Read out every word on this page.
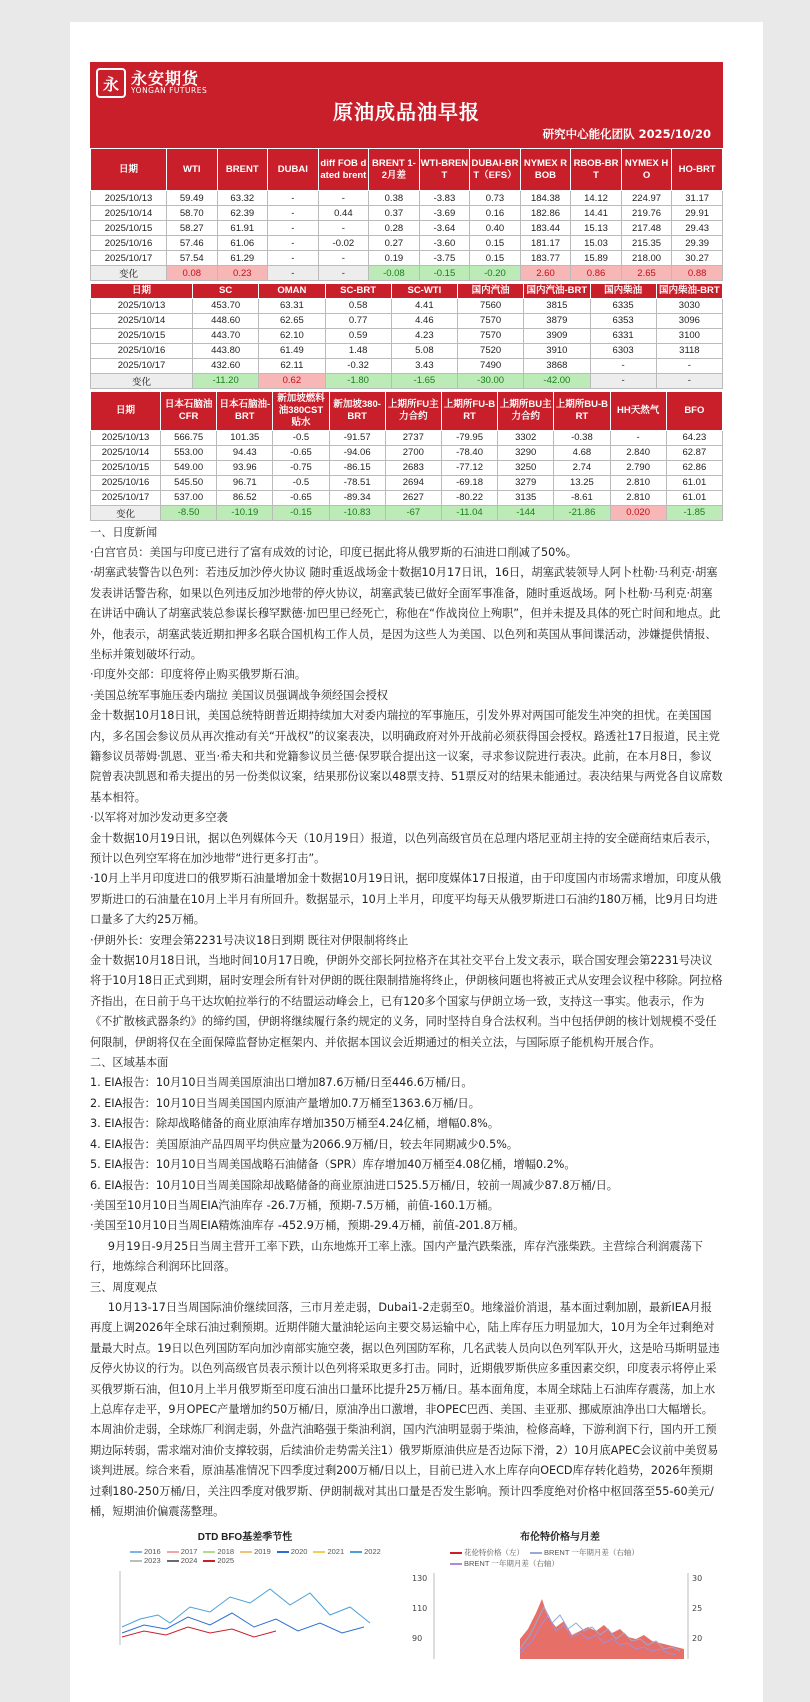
永 永安期货
YONGAN FUTURES
原油成品油早报
研究中心能化团队 2025/10/20
日期	WTI	BRENT	DUBAI	diff FOB dated brent	BRENT 1-2月差	WTI-BRENT	DUBAI-BRT（EFS）	NYMEX RBOB	RBOB-BRT	NYMEX HO	HO-BRT
2025/10/13	59.49	63.32	-	-	0.38	-3.83	0.73	184.38	14.12	224.97	31.17
2025/10/14	58.70	62.39	-	0.44	0.37	-3.69	0.16	182.86	14.41	219.76	29.91
2025/10/15	58.27	61.91	-	-	0.28	-3.64	0.40	183.44	15.13	217.48	29.43
2025/10/16	57.46	61.06	-	-0.02	0.27	-3.60	0.15	181.17	15.03	215.35	29.39
2025/10/17	57.54	61.29	-	-	0.19	-3.75	0.15	183.77	15.89	218.00	30.27
变化	0.08	0.23	-	-	-0.08	-0.15	-0.20	2.60	0.86	2.65	0.88
日期	SC	OMAN	SC-BRT	SC-WTI	国内汽油	国内汽油-BRT	国内柴油	国内柴油-BRT
2025/10/13	453.70	63.31	0.58	4.41	7560	3815	6335	3030
2025/10/14	448.60	62.65	0.77	4.46	7570	3879	6353	3096
2025/10/15	443.70	62.10	0.59	4.23	7570	3909	6331	3100
2025/10/16	443.80	61.49	1.48	5.08	7520	3910	6303	3118
2025/10/17	432.60	62.11	-0.32	3.43	7490	3868	-	-
变化	-11.20	0.62	-1.80	-1.65	-30.00	-42.00	-	-
日期	日本石脑油CFR	日本石脑油-BRT	新加坡燃料油380CST贴水	新加坡380-BRT	上期所FU主力合约	上期所FU-BRT	上期所BU主力合约	上期所BU-BRT	HH天然气	BFO
2025/10/13	566.75	101.35	-0.5	-91.57	2737	-79.95	3302	-0.38	-	64.23
2025/10/14	553.00	94.43	-0.65	-94.06	2700	-78.40	3290	4.68	2.840	62.87
2025/10/15	549.00	93.96	-0.75	-86.15	2683	-77.12	3250	2.74	2.790	62.86
2025/10/16	545.50	96.71	-0.5	-78.51	2694	-69.18	3279	13.25	2.810	61.01
2025/10/17	537.00	86.52	-0.65	-89.34	2627	-80.22	3135	-8.61	2.810	61.01
变化	-8.50	-10.19	-0.15	-10.83	-67	-11.04	-144	-21.86	0.020	-1.85

一、日度新闻

·白宫官员：美国与印度已进行了富有成效的讨论，印度已据此将从俄罗斯的石油进口削减了50%。

·胡塞武装警告以色列：若违反加沙停火协议 随时重返战场金十数据10月17日讯，16日，胡塞武装领导人阿卜杜勒·马利克·胡塞发表讲话警告称，如果以色列违反加沙地带的停火协议，胡塞武装已做好全面军事准备，随时重返战场。阿卜杜勒·马利克·胡塞在讲话中确认了胡塞武装总参谋长穆罕默德·加巴里已经死亡，称他在“作战岗位上殉职”，但并未提及具体的死亡时间和地点。此外，他表示，胡塞武装近期扣押多名联合国机构工作人员，是因为这些人为美国、以色列和英国从事间谍活动，涉嫌提供情报、坐标并策划破坏行动。

·印度外交部：印度将停止购买俄罗斯石油。

·美国总统军事施压委内瑞拉 美国议员强调战争须经国会授权

金十数据10月18日讯，美国总统特朗普近期持续加大对委内瑞拉的军事施压，引发外界对两国可能发生冲突的担忧。在美国国内，多名国会参议员从再次推动有关“开战权”的议案表决，以明确政府对外开战前必须获得国会授权。路透社17日报道，民主党籍参议员蒂姆·凯恩、亚当·希夫和共和党籍参议员兰德·保罗联合提出这一议案，寻求参议院进行表决。此前，在本月8日，参议院曾表决凯恩和希夫提出的另一份类似议案，结果那份议案以48票支持、51票反对的结果未能通过。表决结果与两党各自议席数基本相符。

·以军将对加沙发动更多空袭

金十数据10月19日讯，据以色列媒体今天（10月19日）报道，以色列高级官员在总理内塔尼亚胡主持的安全磋商结束后表示，预计以色列空军将在加沙地带“进行更多打击”。

·10月上半月印度进口的俄罗斯石油量增加金十数据10月19日讯，据印度媒体17日报道，由于印度国内市场需求增加，印度从俄罗斯进口的石油量在10月上半月有所回升。数据显示，10月上半月，印度平均每天从俄罗斯进口石油约180万桶，比9月日均进口量多了大约25万桶。

·伊朗外长：安理会第2231号决议18日到期 既往对伊限制将终止

金十数据10月18日讯，当地时间10月17日晚，伊朗外交部长阿拉格齐在其社交平台上发文表示，联合国安理会第2231号决议将于10月18日正式到期，届时安理会所有针对伊朗的既往限制措施将终止，伊朗核问题也将被正式从安理会议程中移除。阿拉格齐指出，在日前于乌干达坎帕拉举行的不结盟运动峰会上，已有120多个国家与伊朗立场一致，支持这一事实。他表示，作为《不扩散核武器条约》的缔约国，伊朗将继续履行条约规定的义务，同时坚持自身合法权利。当中包括伊朗的核计划规模不受任何限制，伊朗将仅在全面保障监督协定框架内、并依据本国议会近期通过的相关立法，与国际原子能机构开展合作。

二、区域基本面

1. EIA报告：10月10日当周美国原油出口增加87.6万桶/日至446.6万桶/日。

2. EIA报告：10月10日当周美国国内原油产量增加0.7万桶至1363.6万桶/日。

3. EIA报告：除却战略储备的商业原油库存增加350万桶至4.24亿桶，增幅0.8%。

4. EIA报告：美国原油产品四周平均供应量为2066.9万桶/日，较去年同期减少0.5%。

5. EIA报告：10月10日当周美国战略石油储备（SPR）库存增加40万桶至4.08亿桶，增幅0.2%。

6. EIA报告：10月10日当周美国除却战略储备的商业原油进口525.5万桶/日，较前一周减少87.8万桶/日。

·美国至10月10日当周EIA汽油库存 -26.7万桶，预期-7.5万桶，前值-160.1万桶。

·美国至10月10日当周EIA精炼油库存 -452.9万桶，预期-29.4万桶，前值-201.8万桶。

9月19日-9月25日当周主营开工率下跌，山东地炼开工率上涨。国内产量汽跌柴涨，库存汽涨柴跌。主营综合利润震荡下行，地炼综合利润环比回落。

三、周度观点

10月13-17日当周国际油价继续回落，三市月差走弱，Dubai1-2走弱至0。地缘溢价消退，基本面过剩加剧，最新IEA月报再度上调2026年全球石油过剩预期。近期伴随大量油轮运向主要交易运输中心，陆上库存压力明显加大，10月为全年过剩绝对量最大时点。19日以色列国防军向加沙南部实施空袭，据以色列国防军称，几名武装人员向以色列军队开火，这是哈马斯明显违反停火协议的行为。以色列高级官员表示预计以色列将采取更多打击。同时，近期俄罗斯供应多重因素交织，印度表示将停止采买俄罗斯石油，但10月上半月俄罗斯至印度石油出口量环比提升25万桶/日。基本面角度，本周全球陆上石油库存震荡，加上水上总库存走平，9月OPEC产量增加约50万桶/日，原油净出口激增，非OPEC巴西、美国、圭亚那、挪威原油净出口大幅增长。本周油价走弱，全球炼厂利润走弱，外盘汽油略强于柴油利润，国内汽油明显弱于柴油，检修高峰，下游利润下行，国内开工预期边际转弱，需求端对油价支撑较弱，后续油价走势需关注1）俄罗斯原油供应是否边际下滑，2）10月底APEC会议前中美贸易谈判进展。综合来看，原油基准情况下四季度过剩200万桶/日以上，目前已进入水上库存向OECD库存转化趋势，2026年预期过剩180-250万桶/日，关注四季度对俄罗斯、伊朗制裁对其出口量是否发生影响。预计四季度绝对价格中枢回落至55-60美元/桶，短期油价偏震荡整理。

DTD BFO基差季节性
2016	2017	2018	2019	2020	2021	20222023	2024	2025
布伦特价格与月差
花伦特价格（左）	BRENT 一年期月差（右轴）BRENT 一年期月差（右轴）
130
110
90
30
25
20
